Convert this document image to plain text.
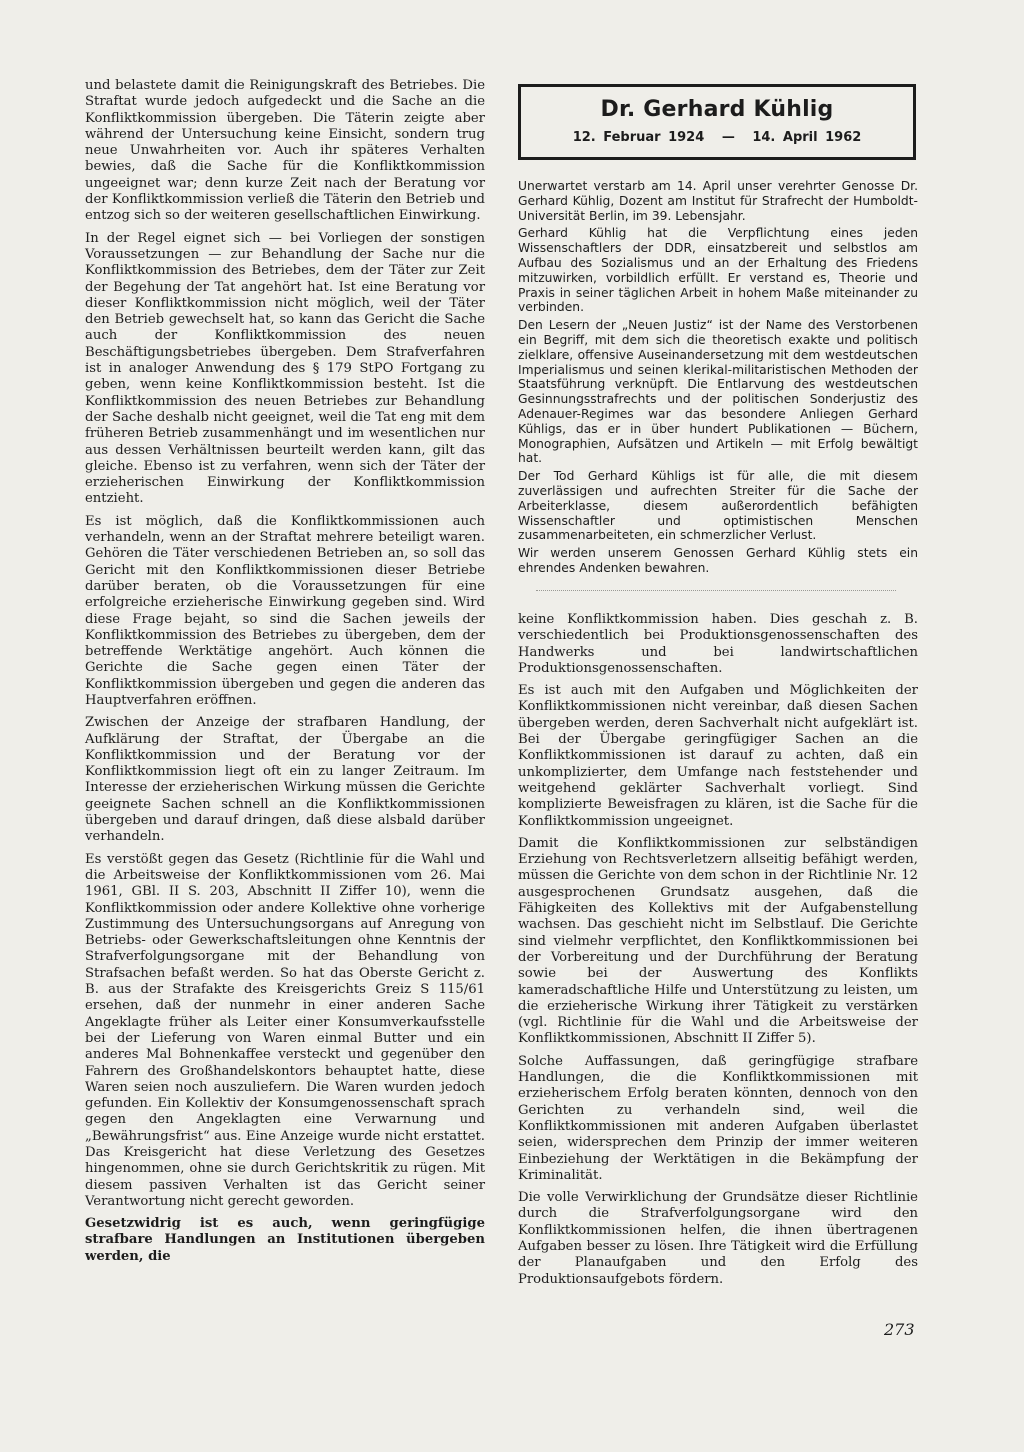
und belastete damit die Reinigungskraft des Betriebes. Die Straftat wurde jedoch aufgedeckt und die Sache an die Konfliktkommission übergeben. Die Täterin zeigte aber während der Untersuchung keine Einsicht, sondern trug neue Unwahrheiten vor. Auch ihr späteres Verhalten bewies, daß die Sache für die Konfliktkommission ungeeignet war; denn kurze Zeit nach der Beratung vor der Konfliktkommission verließ die Täterin den Betrieb und entzog sich so der weiteren gesellschaftlichen Einwirkung.

In der Regel eignet sich — bei Vorliegen der sonstigen Voraussetzungen — zur Behandlung der Sache nur die Konfliktkommission des Betriebes, dem der Täter zur Zeit der Begehung der Tat angehört hat. Ist eine Beratung vor dieser Konfliktkommission nicht möglich, weil der Täter den Betrieb gewechselt hat, so kann das Gericht die Sache auch der Konfliktkommission des neuen Beschäftigungsbetriebes übergeben. Dem Strafverfahren ist in analoger Anwendung des § 179 StPO Fortgang zu geben, wenn keine Konfliktkommission besteht. Ist die Konfliktkommission des neuen Betriebes zur Behandlung der Sache deshalb nicht geeignet, weil die Tat eng mit dem früheren Betrieb zusammenhängt und im wesentlichen nur aus dessen Verhältnissen beurteilt werden kann, gilt das gleiche. Ebenso ist zu verfahren, wenn sich der Täter der erzieherischen Einwirkung der Konfliktkommission entzieht.

Es ist möglich, daß die Konfliktkommissionen auch verhandeln, wenn an der Straftat mehrere beteiligt waren. Gehören die Täter verschiedenen Betrieben an, so soll das Gericht mit den Konfliktkommissionen dieser Betriebe darüber beraten, ob die Voraussetzungen für eine erfolgreiche erzieherische Einwirkung gegeben sind. Wird diese Frage bejaht, so sind die Sachen jeweils der Konfliktkommission des Betriebes zu übergeben, dem der betreffende Werktätige angehört. Auch können die Gerichte die Sache gegen einen Täter der Konfliktkommission übergeben und gegen die anderen das Hauptverfahren eröffnen.

Zwischen der Anzeige der strafbaren Handlung, der Aufklärung der Straftat, der Übergabe an die Konfliktkommission und der Beratung vor der Konfliktkommission liegt oft ein zu langer Zeitraum. Im Interesse der erzieherischen Wirkung müssen die Gerichte geeignete Sachen schnell an die Konfliktkommissionen übergeben und darauf dringen, daß diese alsbald darüber verhandeln.

Es verstößt gegen das Gesetz (Richtlinie für die Wahl und die Arbeitsweise der Konfliktkommissionen vom 26. Mai 1961, GBl. II S. 203, Abschnitt II Ziffer 10), wenn die Konfliktkommission oder andere Kollektive ohne vorherige Zustimmung des Untersuchungsorgans auf Anregung von Betriebs- oder Gewerkschaftsleitungen ohne Kenntnis der Strafverfolgungsorgane mit der Behandlung von Strafsachen befaßt werden. So hat das Oberste Gericht z. B. aus der Strafakte des Kreisgerichts Greiz S 115/61 ersehen, daß der nunmehr in einer anderen Sache Angeklagte früher als Leiter einer Konsumverkaufsstelle bei der Lieferung von Waren einmal Butter und ein anderes Mal Bohnenkaffee versteckt und gegenüber den Fahrern des Großhandelskontors behauptet hatte, diese Waren seien noch auszuliefern. Die Waren wurden jedoch gefunden. Ein Kollektiv der Konsumgenossenschaft sprach gegen den Angeklagten eine Verwarnung und „Bewährungsfrist“ aus. Eine Anzeige wurde nicht erstattet. Das Kreisgericht hat diese Verletzung des Gesetzes hingenommen, ohne sie durch Gerichtskritik zu rügen. Mit diesem passiven Verhalten ist das Gericht seiner Verantwortung nicht gerecht geworden.

Gesetzwidrig ist es auch, wenn geringfügige strafbare Handlungen an Institutionen übergeben werden, die

Dr. Gerhard Kühlig
12. Februar 1924 — 14. April 1962

Unerwartet verstarb am 14. April unser verehrter Genosse Dr. Gerhard Kühlig, Dozent am Institut für Strafrecht der Humboldt-Universität Berlin, im 39. Lebensjahr.

Gerhard Kühlig hat die Verpflichtung eines jeden Wissenschaftlers der DDR, einsatzbereit und selbstlos am Aufbau des Sozialismus und an der Erhaltung des Friedens mitzuwirken, vorbildlich erfüllt. Er verstand es, Theorie und Praxis in seiner täglichen Arbeit in hohem Maße miteinander zu verbinden.

Den Lesern der „Neuen Justiz“ ist der Name des Verstorbenen ein Begriff, mit dem sich die theoretisch exakte und politisch zielklare, offensive Auseinandersetzung mit dem westdeutschen Imperialismus und seinen klerikal-militaristischen Methoden der Staatsführung verknüpft. Die Entlarvung des westdeutschen Gesinnungsstrafrechts und der politischen Sonderjustiz des Adenauer-Regimes war das besondere Anliegen Gerhard Kühligs, das er in über hundert Publikationen — Büchern, Monographien, Aufsätzen und Artikeln — mit Erfolg bewältigt hat.

Der Tod Gerhard Kühligs ist für alle, die mit diesem zuverlässigen und aufrechten Streiter für die Sache der Arbeiterklasse, diesem außerordentlich befähigten Wissenschaftler und optimistischen Menschen zusammenarbeiteten, ein schmerzlicher Verlust.

Wir werden unserem Genossen Gerhard Kühlig stets ein ehrendes Andenken bewahren.

keine Konfliktkommission haben. Dies geschah z. B. verschiedentlich bei Produktionsgenossenschaften des Handwerks und bei landwirtschaftlichen Produktionsgenossenschaften.

Es ist auch mit den Aufgaben und Möglichkeiten der Konfliktkommissionen nicht vereinbar, daß diesen Sachen übergeben werden, deren Sachverhalt nicht aufgeklärt ist. Bei der Übergabe geringfügiger Sachen an die Konfliktkommissionen ist darauf zu achten, daß ein unkomplizierter, dem Umfange nach feststehender und weitgehend geklärter Sachverhalt vorliegt. Sind komplizierte Beweisfragen zu klären, ist die Sache für die Konfliktkommission ungeeignet.

Damit die Konfliktkommissionen zur selbständigen Erziehung von Rechtsverletzern allseitig befähigt werden, müssen die Gerichte von dem schon in der Richtlinie Nr. 12 ausgesprochenen Grundsatz ausgehen, daß die Fähigkeiten des Kollektivs mit der Aufgabenstellung wachsen. Das geschieht nicht im Selbstlauf. Die Gerichte sind vielmehr verpflichtet, den Konfliktkommissionen bei der Vorbereitung und der Durchführung der Beratung sowie bei der Auswertung des Konflikts kameradschaftliche Hilfe und Unterstützung zu leisten, um die erzieherische Wirkung ihrer Tätigkeit zu verstärken (vgl. Richtlinie für die Wahl und die Arbeitsweise der Konfliktkommissionen, Abschnitt II Ziffer 5).

Solche Auffassungen, daß geringfügige strafbare Handlungen, die die Konfliktkommissionen mit erzieherischem Erfolg beraten könnten, dennoch von den Gerichten zu verhandeln sind, weil die Konfliktkommissionen mit anderen Aufgaben überlastet seien, widersprechen dem Prinzip der immer weiteren Einbeziehung der Werktätigen in die Bekämpfung der Kriminalität.

Die volle Verwirklichung der Grundsätze dieser Richtlinie durch die Strafverfolgungsorgane wird den Konfliktkommissionen helfen, die ihnen übertragenen Aufgaben besser zu lösen. Ihre Tätigkeit wird die Erfüllung der Planaufgaben und den Erfolg des Produktionsaufgebots fördern.

273
